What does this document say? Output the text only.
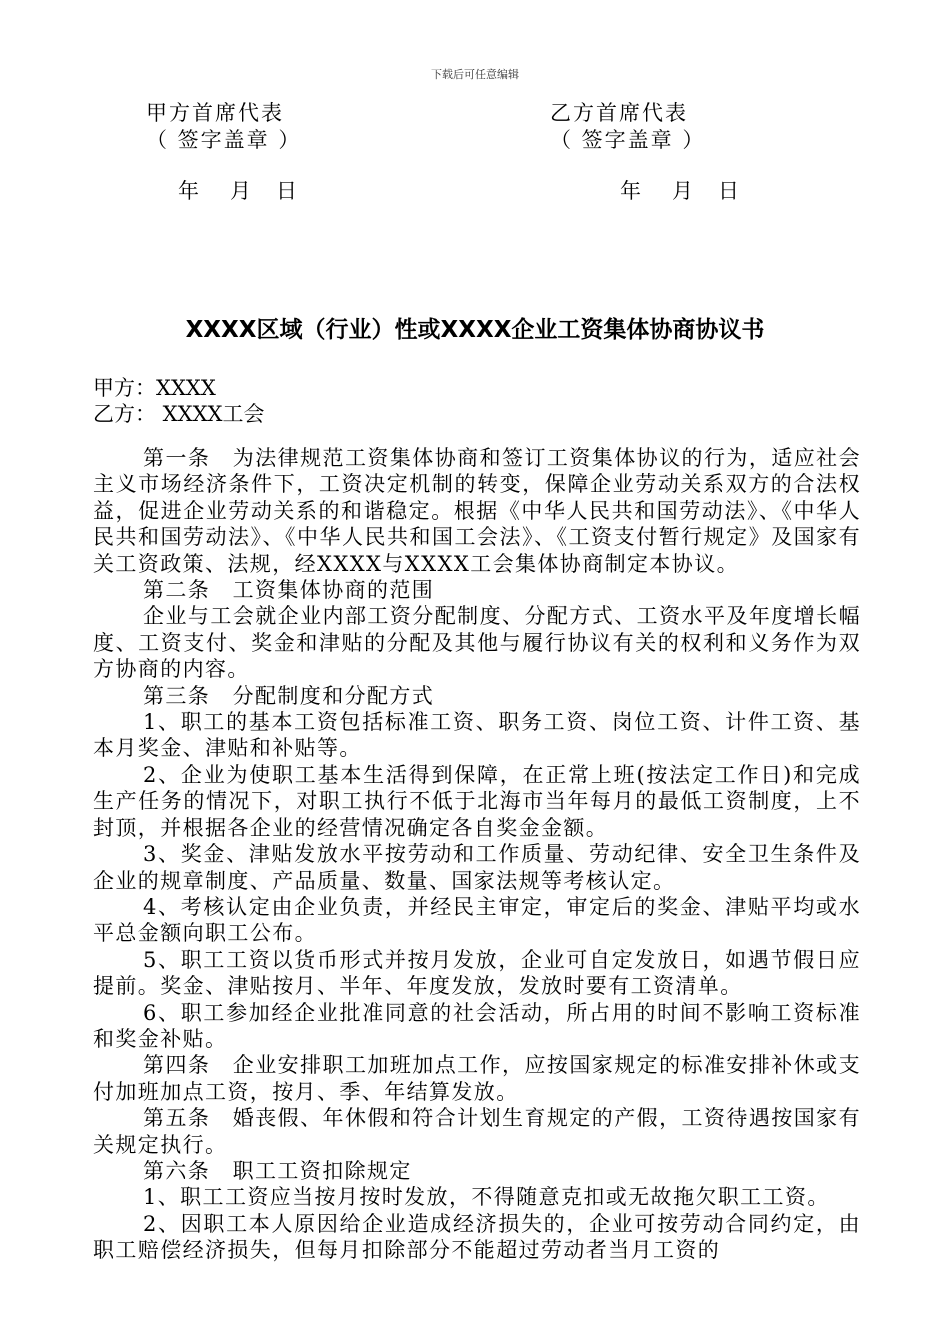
下载后可任意编辑
甲方首席代表
（ 签字盖章 ）
乙方首席代表
（ 签字盖章 ）
年 月 日	年 月 日
XXXX区域（行业）性或XXXX企业工资集体协商协议书
甲方：XXXX
乙方： XXXX工会

第一条　为法律规范工资集体协商和签订工资集体协议的行为，适应社会主义市场经济条件下，工资决定机制的转变，保障企业劳动关系双方的合法权益，促进企业劳动关系的和谐稳定。根据《中华人民共和国劳动法》、《中华人民共和国劳动法》、《中华人民共和国工会法》、《工资支付暂行规定》及国家有关工资政策、法规，经XXXX与XXXX工会集体协商制定本协议。

第二条　工资集体协商的范围

企业与工会就企业内部工资分配制度、分配方式、工资水平及年度增长幅度、工资支付、奖金和津贴的分配及其他与履行协议有关的权利和义务作为双方协商的内容。

第三条　分配制度和分配方式

1、职工的基本工资包括标准工资、职务工资、岗位工资、计件工资、基本月奖金、津贴和补贴等。

2、企业为使职工基本生活得到保障，在正常上班(按法定工作日)和完成生产任务的情况下，对职工执行不低于北海市当年每月的最低工资制度，上不封顶，并根据各企业的经营情况确定各自奖金金额。

3、奖金、津贴发放水平按劳动和工作质量、劳动纪律、安全卫生条件及企业的规章制度、产品质量、数量、国家法规等考核认定。

4、考核认定由企业负责，并经民主审定，审定后的奖金、津贴平均或水平总金额向职工公布。

5、职工工资以货币形式并按月发放，企业可自定发放日，如遇节假日应提前。奖金、津贴按月、半年、年度发放，发放时要有工资清单。

6、职工参加经企业批准同意的社会活动，所占用的时间不影响工资标准和奖金补贴。

第四条　企业安排职工加班加点工作，应按国家规定的标准安排补休或支付加班加点工资，按月、季、年结算发放。

第五条　婚丧假、年休假和符合计划生育规定的产假，工资待遇按国家有关规定执行。

第六条　职工工资扣除规定

1、职工工资应当按月按时发放，不得随意克扣或无故拖欠职工工资。

2、因职工本人原因给企业造成经济损失的，企业可按劳动合同约定，由职工赔偿经济损失，但每月扣除部分不能超过劳动者当月工资的
